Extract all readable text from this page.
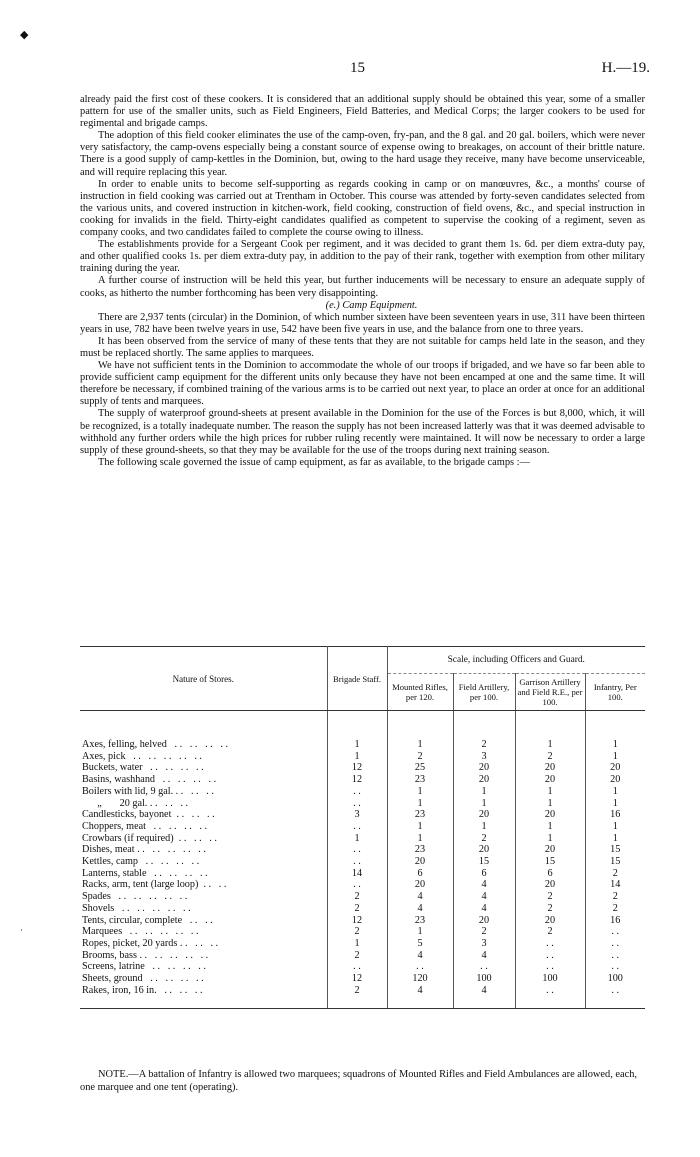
◆
·
15	H.—19.

already paid the first cost of these cookers. It is considered that an additional supply should be obtained this year, some of a smaller pattern for use of the smaller units, such as Field Engineers, Field Batteries, and Medical Corps; the larger cookers to be used for regimental and brigade camps.

The adoption of this field cooker eliminates the use of the camp-oven, fry-pan, and the 8 gal. and 20 gal. boilers, which were never very satisfactory, the camp-ovens especially being a constant source of expense owing to breakages, on account of their brittle nature. There is a good supply of camp-kettles in the Dominion, but, owing to the hard usage they receive, many have become unserviceable, and will require replacing this year.

In order to enable units to become self-supporting as regards cooking in camp or on manœuvres, &c., a months' course of instruction in field cooking was carried out at Trentham in October. This course was attended by forty-seven candidates selected from the various units, and covered instruction in kitchen-work, field cooking, construction of field ovens, &c., and special instruction in cooking for invalids in the field. Thirty-eight candidates qualified as competent to supervise the cooking of a regiment, seven as company cooks, and two candidates failed to complete the course owing to illness.

The establishments provide for a Sergeant Cook per regiment, and it was decided to grant them 1s. 6d. per diem extra-duty pay, and other qualified cooks 1s. per diem extra-duty pay, in addition to the pay of their rank, together with exemption from other military training during the year.

A further course of instruction will be held this year, but further inducements will be necessary to ensure an adequate supply of cooks, as hitherto the number forthcoming has been very disappointing.

(e.) Camp Equipment.

There are 2,937 tents (circular) in the Dominion, of which number sixteen have been seventeen years in use, 311 have been thirteen years in use, 782 have been twelve years in use, 542 have been five years in use, and the balance from one to three years.

It has been observed from the service of many of these tents that they are not suitable for camps held late in the season, and they must be replaced shortly. The same applies to marquees.

We have not sufficient tents in the Dominion to accommodate the whole of our troops if brigaded, and we have so far been able to provide sufficient camp equipment for the different units only because they have not been encamped at one and the same time. It will therefore be necessary, if combined training of the various arms is to be carried out next year, to place an order at once for an additional supply of tents and marquees.

The supply of waterproof ground-sheets at present available in the Dominion for the use of the Forces is but 8,000, which, it will be recognized, is a totally inadequate number. The reason the supply has not been increased latterly was that it was deemed advisable to withhold any further orders while the high prices for rubber ruling recently were maintained. It will now be necessary to order a large supply of these ground-sheets, so that they may be available for the use of the troops during next training season.

The following scale governed the issue of camp equipment, as far as available, to the brigade camps :—

Nature of Stores.	Brigade Staff.	Scale, including Officers and Guard.			
		Mounted Rifles, per 120.	Field Artillery, per 100.	Garrison Artillery and Field R.E., per 100.	Infantry, Per 100.

Axes, felling, helved   . .   . .   . .   . .	1	1	2	1	1
Axes, pick   . .   . .   . .   . .   . .	1	2	3	2	1
Buckets, water   . .   . .   . .   . .	12	25	20	20	20
Basins, washhand   . .   . .   . .   . .	12	23	20	20	20
Boilers with lid, 9 gal. . .   . .   . .	. .	1	1	1	1
„       20 gal. . .   . .   . .	. .	1	1	1	1
Candlesticks, bayonet  . .   . .   . .	3	23	20	20	16
Choppers, meat   . .   . .   . .   . .	. .	1	1	1	1
Crowbars (if required)  . .   . .   . .	1	1	2	1	1
Dishes, meat . .   . .   . .   . .   . .	. .	23	20	20	15
Kettles, camp   . .   . .   . .   . .	. .	20	15	15	15
Lanterns, stable   . .   . .   . .   . .	14	6	6	6	2
Racks, arm, tent (large loop)  . .   . .	. .	20	4	20	14
Spades   . .   . .   . .   . .   . .	2	4	4	2	2
Shovels   . .   . .   . .   . .   . .	2	4	4	2	2
Tents, circular, complete   . .   . .	12	23	20	20	16
Marquees   . .   . .   . .   . .   . .	2	1	2	2	. .
Ropes, picket, 20 yards . .   . .   . .	1	5	3	. .	. .
Brooms, bass . .   . .   . .   . .   . .	2	4	4	. .	. .
Screens, latrine   . .   . .   . .   . .	. .	. .	. .	. .	. .
Sheets, ground   . .   . .   . .   . .	12	120	100	100	100
Rakes, iron, 16 in.   . .   . .   . .	2	4	4	. .	. .

NOTE.—A battalion of Infantry is allowed two marquees; squadrons of Mounted Rifles and Field Ambulances are allowed, each, one marquee and one tent (operating).
